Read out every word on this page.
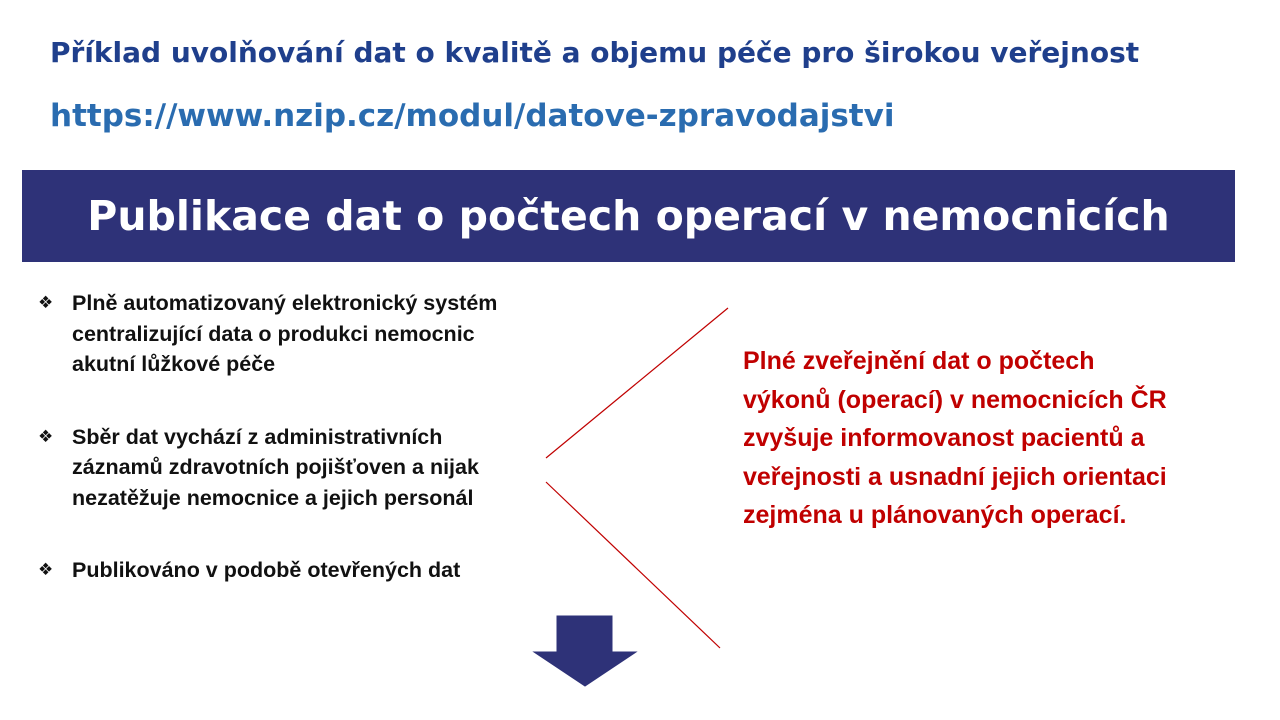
Příklad uvolňování dat o kvalitě a objemu péče pro širokou veřejnost
https://www.nzip.cz/modul/datove-zpravodajstvi
Publikace dat o počtech operací v nemocnicích
❖ Plně automatizovaný elektronický systém centralizující data o produkci nemocnic akutní lůžkové péče
❖ Sběr dat vychází z administrativních záznamů zdravotních pojišťoven a nijak nezatěžuje nemocnice a jejich personál
❖ Publikováno v podobě otevřených dat
Plné zveřejnění dat o počtech výkonů (operací) v nemocnicích ČR zvyšuje informovanost pacientů a veřejnosti a usnadní jejich orientaci zejména u plánovaných operací.
